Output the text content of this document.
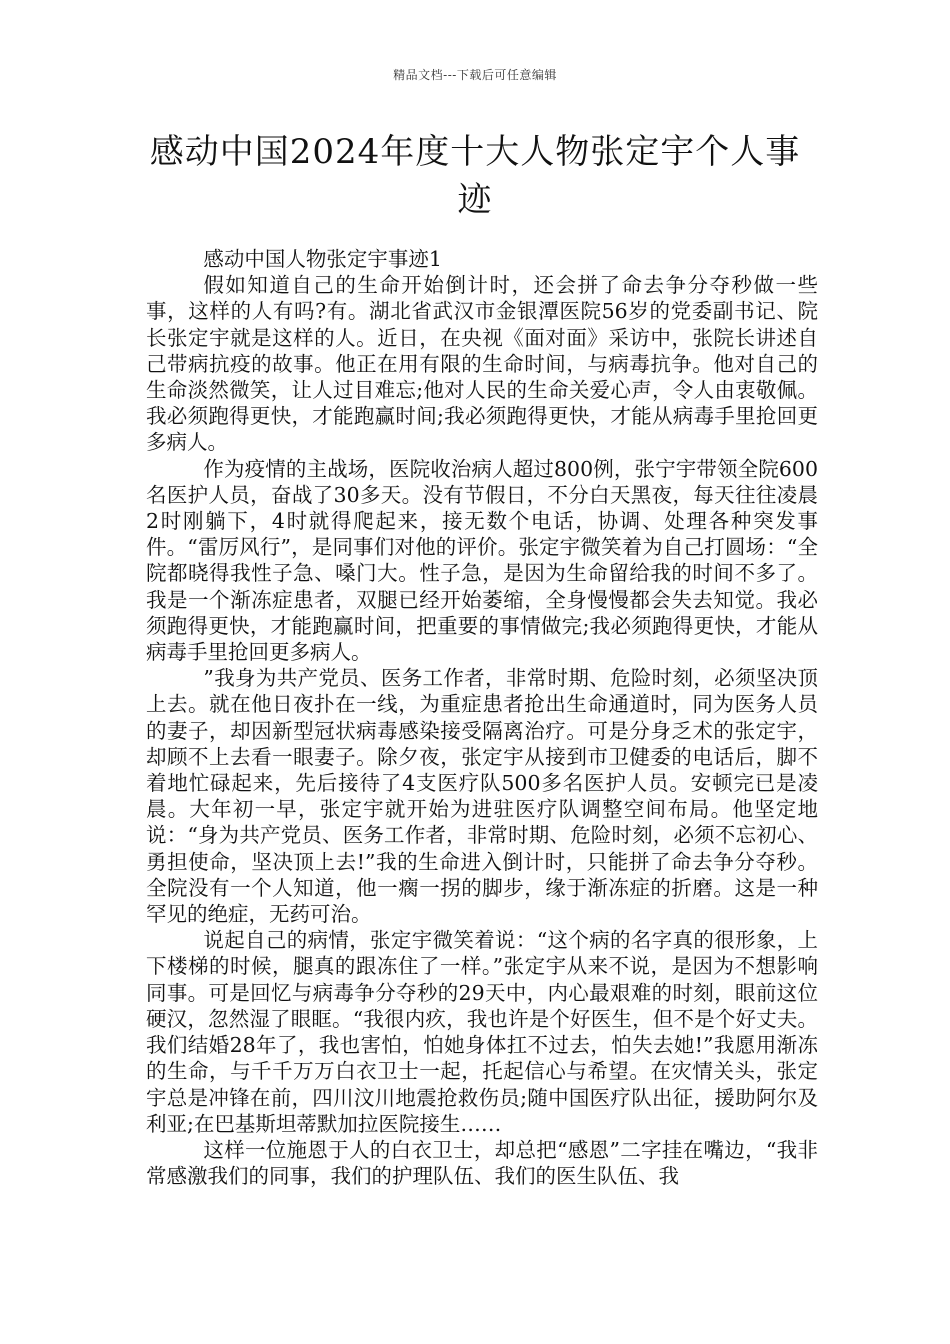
精品文档---下载后可任意编辑
感动中国2024年度十大人物张定宇个人事迹

感动中国人物张定宇事迹1

假如知道自己的生命开始倒计时，还会拼了命去争分夺秒做一些事，这样的人有吗?有。湖北省武汉市金银潭医院56岁的党委副书记、院长张定宇就是这样的人。近日，在央视《面对面》采访中，张院长讲述自己带病抗疫的故事。他正在用有限的生命时间，与病毒抗争。他对自己的生命淡然微笑，让人过目难忘;他对人民的生命关爱心声，令人由衷敬佩。我必须跑得更快，才能跑赢时间;我必须跑得更快，才能从病毒手里抢回更多病人。

作为疫情的主战场，医院收治病人超过800例，张宁宇带领全院600名医护人员，奋战了30多天。没有节假日，不分白天黑夜，每天往往凌晨2时刚躺下，4时就得爬起来，接无数个电话，协调、处理各种突发事件。“雷厉风行”，是同事们对他的评价。张定宇微笑着为自己打圆场：“全院都晓得我性子急、嗓门大。性子急，是因为生命留给我的时间不多了。我是一个渐冻症患者，双腿已经开始萎缩，全身慢慢都会失去知觉。我必须跑得更快，才能跑赢时间，把重要的事情做完;我必须跑得更快，才能从病毒手里抢回更多病人。

”我身为共产党员、医务工作者，非常时期、危险时刻，必须坚决顶上去。就在他日夜扑在一线，为重症患者抢出生命通道时，同为医务人员的妻子，却因新型冠状病毒感染接受隔离治疗。可是分身乏术的张定宇，却顾不上去看一眼妻子。除夕夜，张定宇从接到市卫健委的电话后，脚不着地忙碌起来，先后接待了4支医疗队500多名医护人员。安顿完已是凌晨。大年初一早，张定宇就开始为进驻医疗队调整空间布局。他坚定地说：“身为共产党员、医务工作者，非常时期、危险时刻，必须不忘初心、勇担使命，坚决顶上去!”我的生命进入倒计时，只能拼了命去争分夺秒。全院没有一个人知道，他一瘸一拐的脚步，缘于渐冻症的折磨。这是一种罕见的绝症，无药可治。

说起自己的病情，张定宇微笑着说：“这个病的名字真的很形象，上下楼梯的时候，腿真的跟冻住了一样。”张定宇从来不说，是因为不想影响同事。可是回忆与病毒争分夺秒的29天中，内心最艰难的时刻，眼前这位硬汉，忽然湿了眼眶。“我很内疚，我也许是个好医生，但不是个好丈夫。我们结婚28年了，我也害怕，怕她身体扛不过去，怕失去她!”我愿用渐冻的生命，与千千万万白衣卫士一起，托起信心与希望。在灾情关头，张定宇总是冲锋在前，四川汶川地震抢救伤员;随中国医疗队出征，援助阿尔及利亚;在巴基斯坦蒂默加拉医院接生……

这样一位施恩于人的白衣卫士，却总把“感恩”二字挂在嘴边，“我非常感激我们的同事，我们的护理队伍、我们的医生队伍、我
